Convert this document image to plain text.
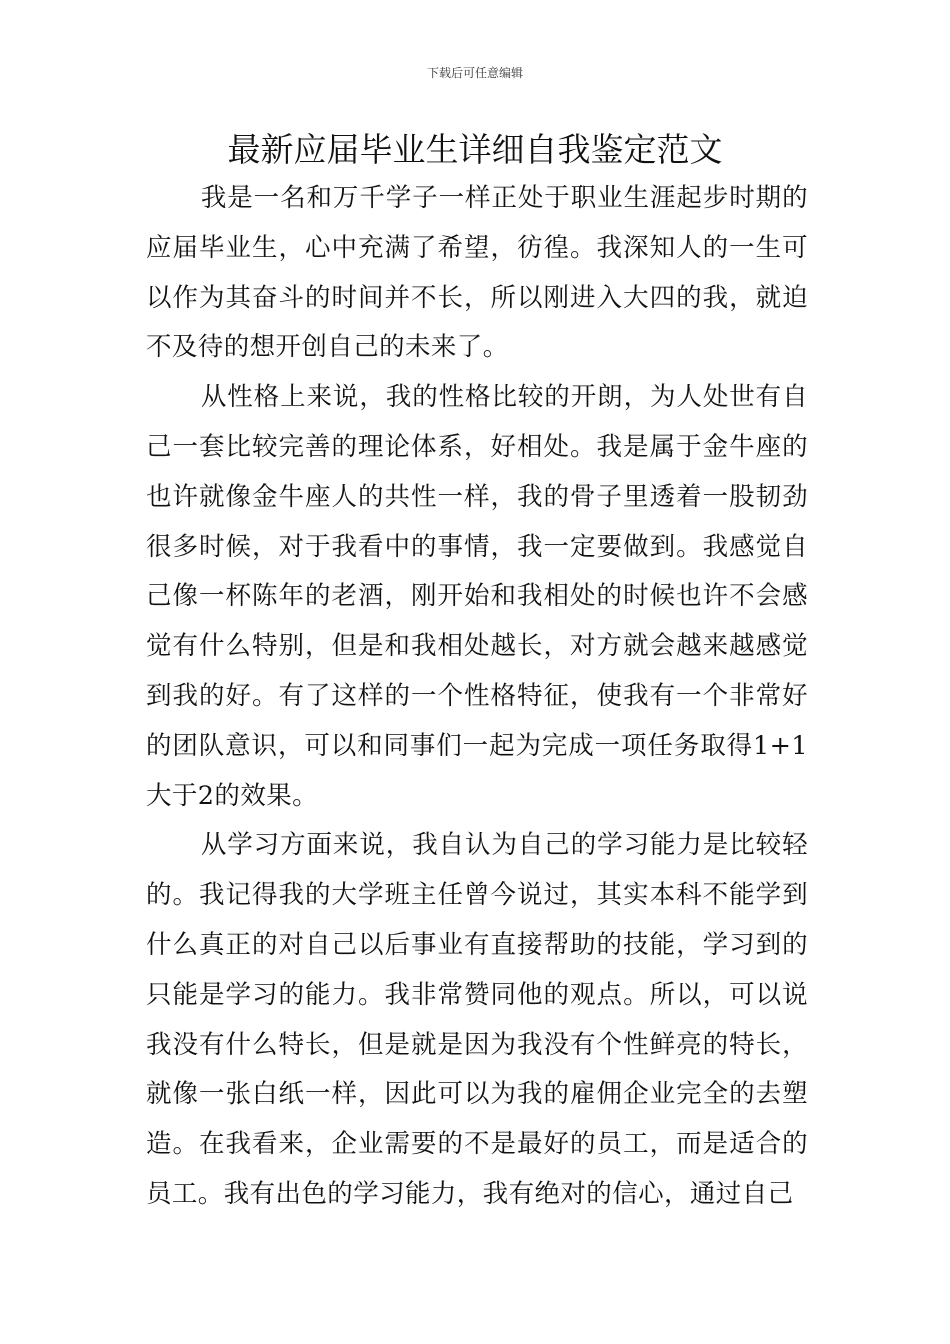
下载后可任意编辑
最新应届毕业生详细自我鉴定范文

我是一名和万千学子一样正处于职业生涯起步时期的应届毕业生，心中充满了希望，彷徨。我深知人的一生可以作为其奋斗的时间并不长，所以刚进入大四的我，就迫不及待的想开创自己的未来了。

从性格上来说，我的性格比较的开朗，为人处世有自己一套比较完善的理论体系，好相处。我是属于金牛座的也许就像金牛座人的共性一样，我的骨子里透着一股韧劲很多时候，对于我看中的事情，我一定要做到。我感觉自己像一杯陈年的老酒，刚开始和我相处的时候也许不会感觉有什么特别，但是和我相处越长，对方就会越来越感觉到我的好。有了这样的一个性格特征，使我有一个非常好的团队意识，可以和同事们一起为完成一项任务取得1+1大于2的效果。

从学习方面来说，我自认为自己的学习能力是比较轻的。我记得我的大学班主任曾今说过，其实本科不能学到什么真正的对自己以后事业有直接帮助的技能，学习到的只能是学习的能力。我非常赞同他的观点。所以，可以说我没有什么特长，但是就是因为我没有个性鲜亮的特长，就像一张白纸一样，因此可以为我的雇佣企业完全的去塑造。在我看来，企业需要的不是最好的员工，而是适合的员工。我有出色的学习能力，我有绝对的信心，通过自己
